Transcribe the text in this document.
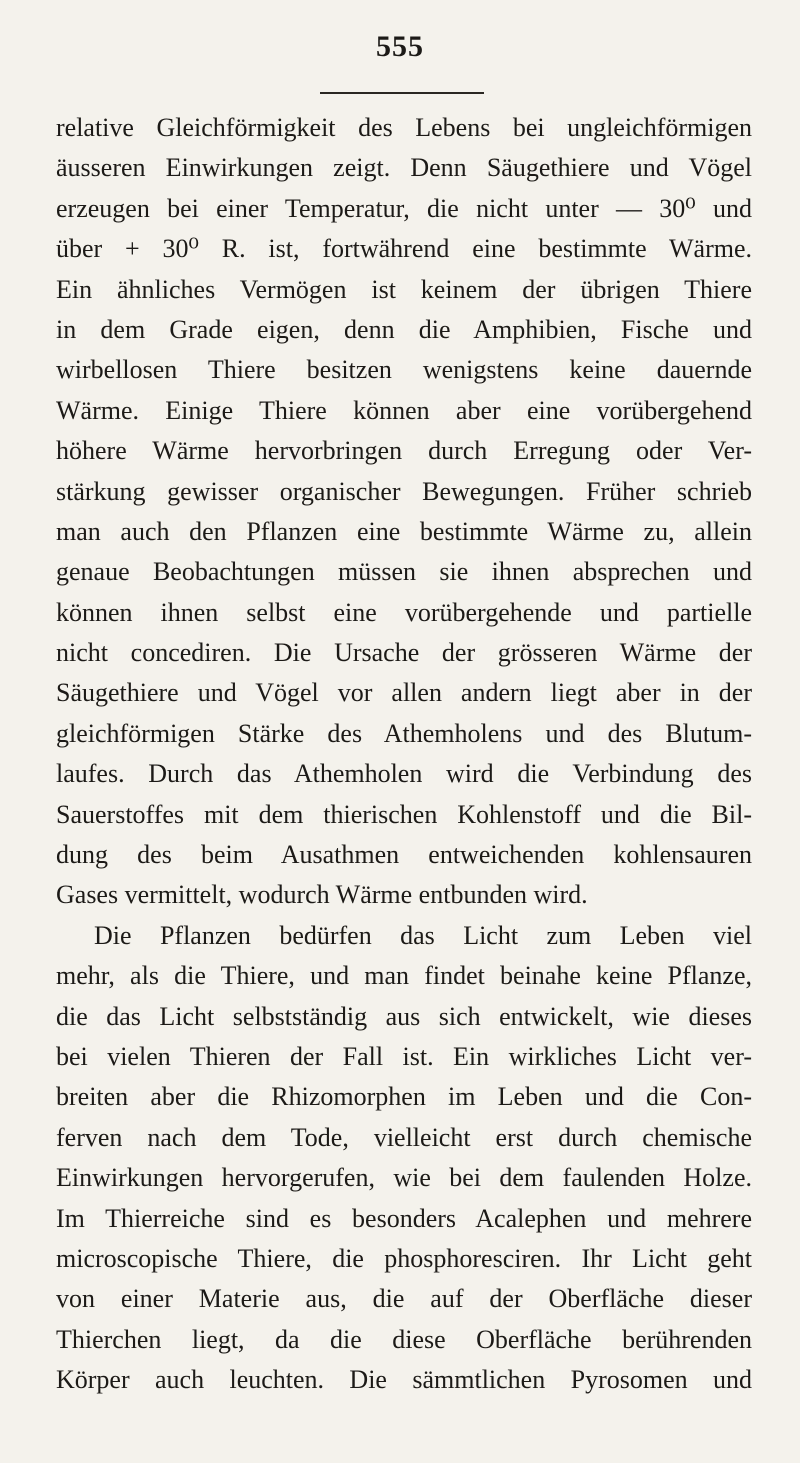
555
relative Gleichförmigkeit des Lebens bei ungleichförmigen
äusseren Einwirkungen zeigt. Denn Säugethiere und Vögel
erzeugen bei einer Temperatur, die nicht unter — 30⁰ und
über + 30⁰ R. ist, fortwährend eine bestimmte Wärme.
Ein ähnliches Vermögen ist keinem der übrigen Thiere
in dem Grade eigen, denn die Amphibien, Fische und
wirbellosen Thiere besitzen wenigstens keine dauernde
Wärme. Einige Thiere können aber eine vorübergehend
höhere Wärme hervorbringen durch Erregung oder Ver-
stärkung gewisser organischer Bewegungen. Früher schrieb
man auch den Pflanzen eine bestimmte Wärme zu, allein
genaue Beobachtungen müssen sie ihnen absprechen und
können ihnen selbst eine vorübergehende und partielle
nicht concediren. Die Ursache der grösseren Wärme der
Säugethiere und Vögel vor allen andern liegt aber in der
gleichförmigen Stärke des Athemholens und des Blutum-
laufes. Durch das Athemholen wird die Verbindung des
Sauerstoffes mit dem thierischen Kohlenstoff und die Bil-
dung des beim Ausathmen entweichenden kohlensauren
Gases vermittelt, wodurch Wärme entbunden wird.
Die Pflanzen bedürfen das Licht zum Leben viel
mehr, als die Thiere, und man findet beinahe keine Pflanze,
die das Licht selbstständig aus sich entwickelt, wie dieses
bei vielen Thieren der Fall ist. Ein wirkliches Licht ver-
breiten aber die Rhizomorphen im Leben und die Con-
ferven nach dem Tode, vielleicht erst durch chemische
Einwirkungen hervorgerufen, wie bei dem faulenden Holze.
Im Thierreiche sind es besonders Acalephen und mehrere
microscopische Thiere, die phosphoresciren. Ihr Licht geht
von einer Materie aus, die auf der Oberfläche dieser
Thierchen liegt, da die diese Oberfläche berührenden
Körper auch leuchten. Die sämmtlichen Pyrosomen und
